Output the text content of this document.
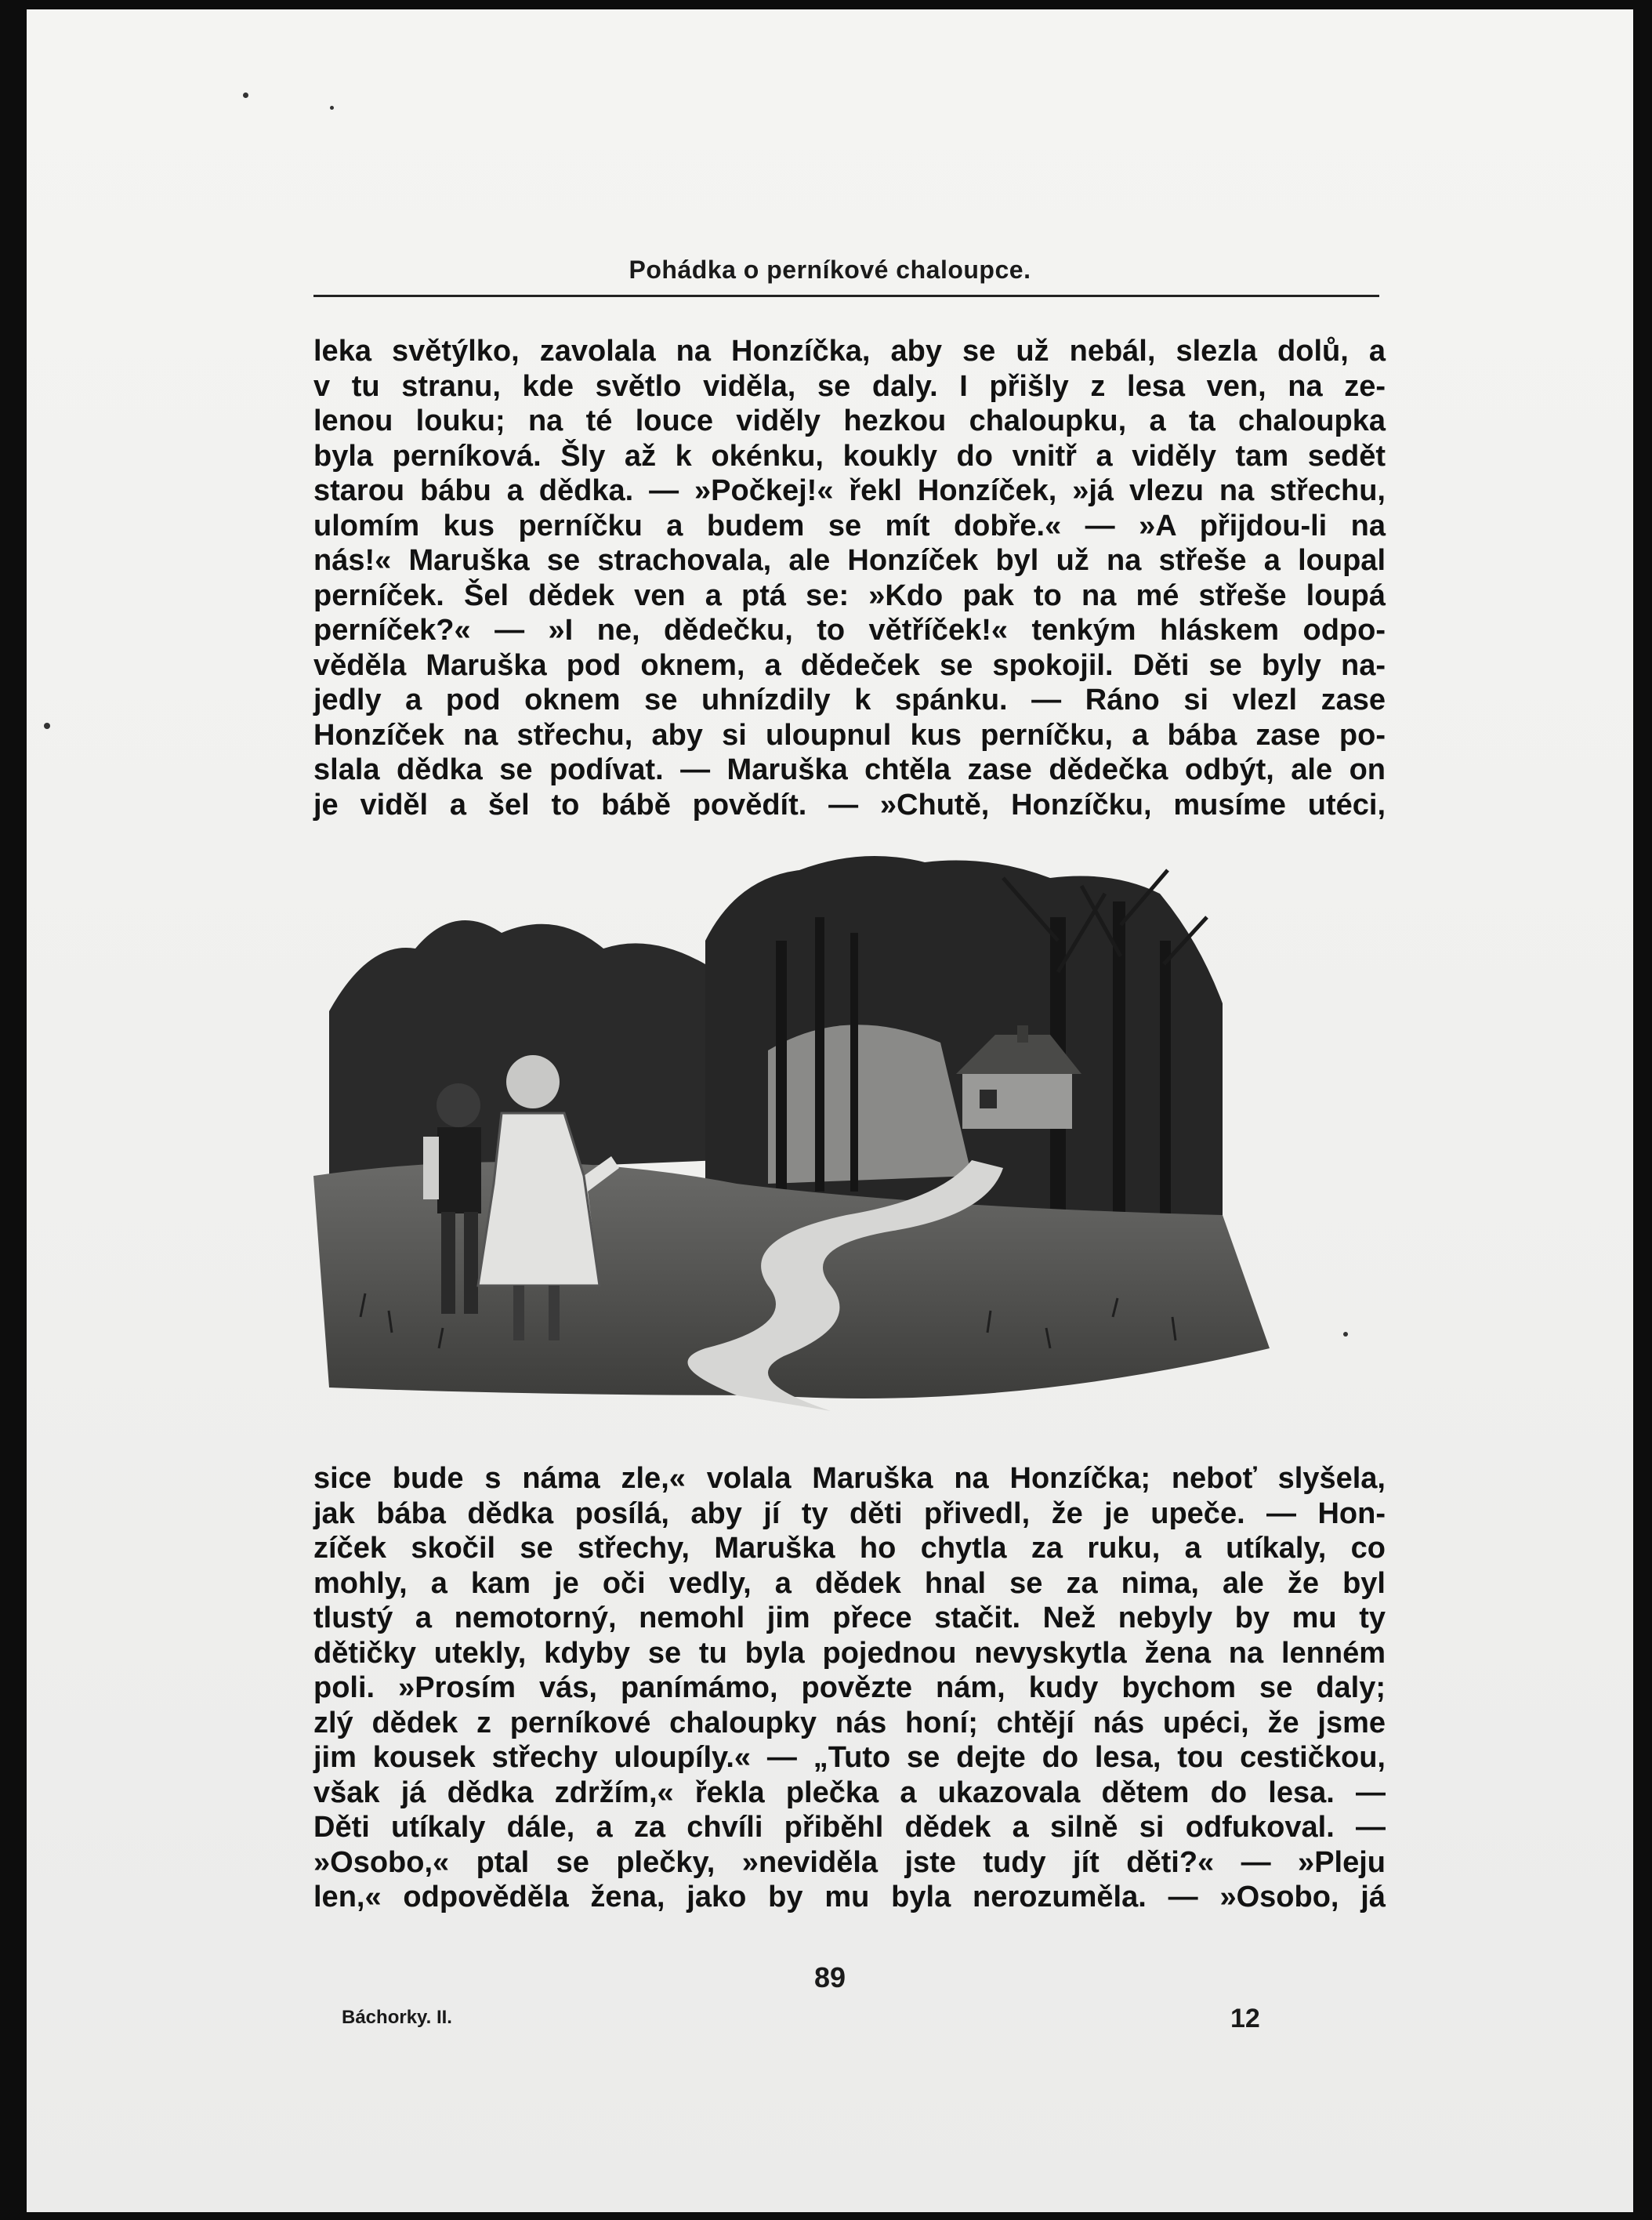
Pohádka o perníkové chaloupce.
leka světýlko, zavolala na Honzíčka, aby se už nebál, slezla dolů, a
v tu stranu, kde světlo viděla, se daly. I přišly z lesa ven, na ze-
lenou louku; na té louce viděly hezkou chaloupku, a ta chaloupka
byla perníková. Šly až k okénku, koukly do vnitř a viděly tam sedět
starou bábu a dědka. — »Počkej!« řekl Honzíček, »já vlezu na střechu,
ulomím kus perníčku a budem se mít dobře.« — »A přijdou-li na
nás!« Maruška se strachovala, ale Honzíček byl už na střeše a loupal
perníček. Šel dědek ven a ptá se: »Kdo pak to na mé střeše loupá
perníček?« — »I ne, dědečku, to větříček!« tenkým hláskem odpo-
věděla Maruška pod oknem, a dědeček se spokojil. Děti se byly na-
jedly a pod oknem se uhnízdily k spánku. — Ráno si vlezl zase
Honzíček na střechu, aby si uloupnul kus perníčku, a bába zase po-
slala dědka se podívat. — Maruška chtěla zase dědečka odbýt, ale on
je viděl a šel to bábě povědít. — »Chutě, Honzíčku, musíme utéci,
sice bude s náma zle,« volala Maruška na Honzíčka; neboť slyšela,
jak bába dědka posílá, aby jí ty děti přivedl, že je upeče. — Hon-
zíček skočil se střechy, Maruška ho chytla za ruku, a utíkaly, co
mohly, a kam je oči vedly, a dědek hnal se za nima, ale že byl
tlustý a nemotorný, nemohl jim přece stačit. Než nebyly by mu ty
dětičky utekly, kdyby se tu byla pojednou nevyskytla žena na lenném
poli. »Prosím vás, panímámo, povězte nám, kudy bychom se daly;
zlý dědek z perníkové chaloupky nás honí; chtějí nás upéci, že jsme
jim kousek střechy uloupíly.« — „Tuto se dejte do lesa, tou cestičkou,
však já dědka zdržím,« řekla plečka a ukazovala dětem do lesa. —
Děti utíkaly dále, a za chvíli přiběhl dědek a silně si odfukoval. —
»Osobo,« ptal se plečky, »neviděla jste tudy jít děti?« — »Pleju
len,« odpověděla žena, jako by mu byla nerozuměla. — »Osobo, já
89
Báchorky. II.	12
